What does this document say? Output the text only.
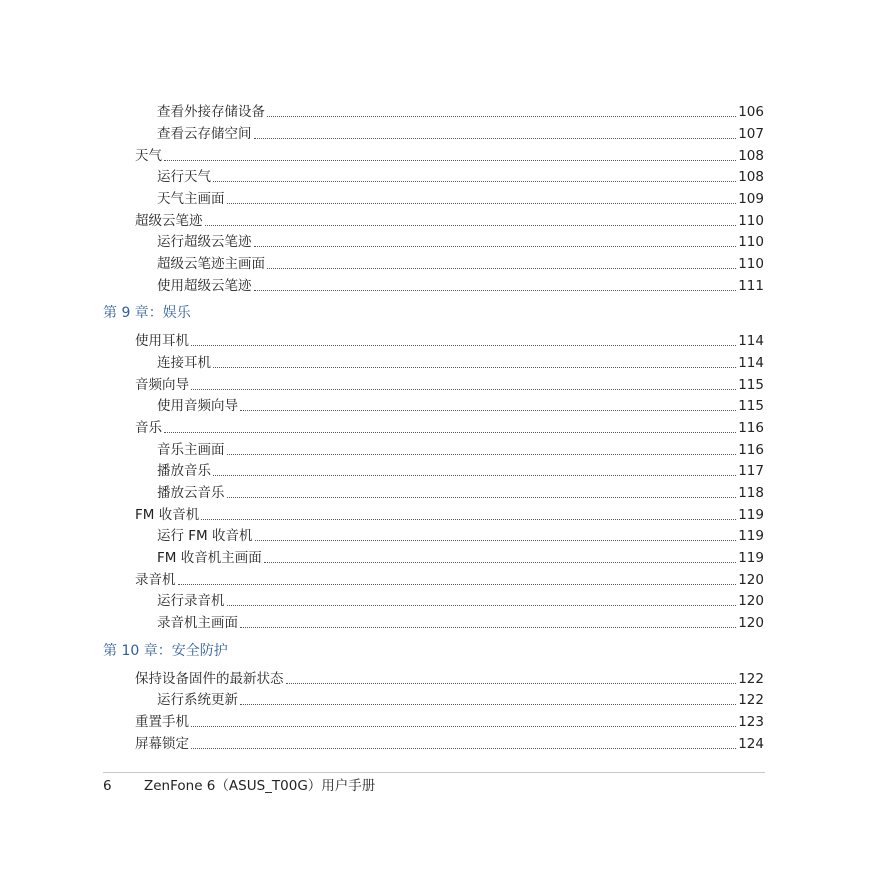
查看外接存储设备	106
查看云存储空间	107
天气	108
运行天气	108
天气主画面	109
超级云笔迹	110
运行超级云笔迹	110
超级云笔迹主画面	110
使用超级云笔迹	111
第 9 章：娱乐
使用耳机	114
连接耳机	114
音频向导	115
使用音频向导	115
音乐	116
音乐主画面	116
播放音乐	117
播放云音乐	118
FM 收音机	119
运行 FM 收音机	119
FM 收音机主画面	119
录音机	120
运行录音机	120
录音机主画面	120
第 10 章：安全防护
保持设备固件的最新状态	122
运行系统更新	122
重置手机	123
屏幕锁定	124
6 ZenFone 6（ASUS_T00G）用户手册
